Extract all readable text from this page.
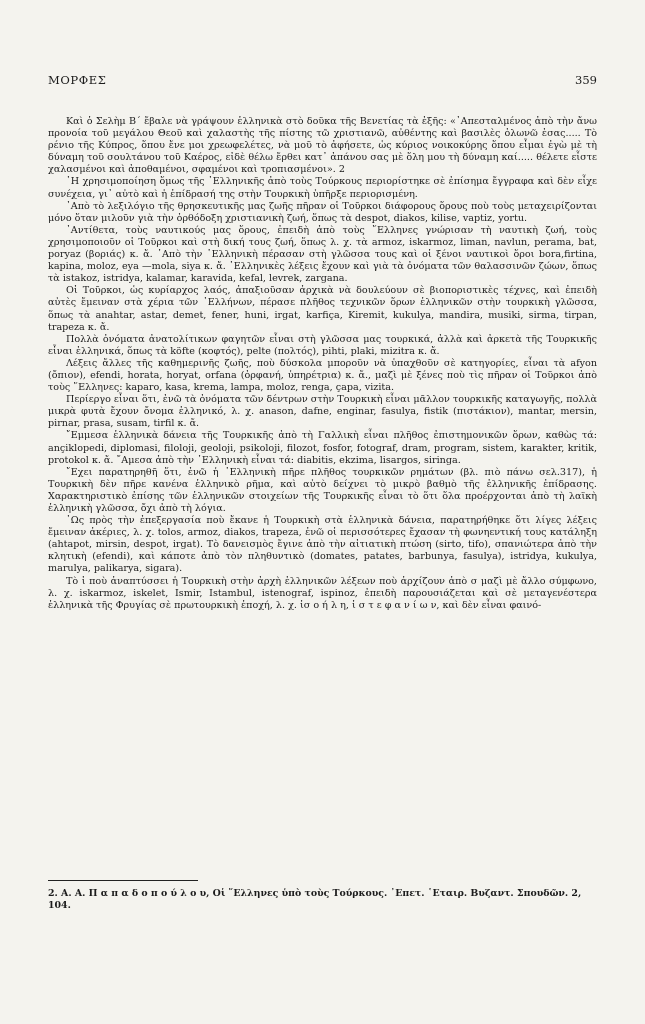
ΜΟΡΦΕΣ	359

Καὶ ὁ Σελὴμ Β´ ἔβαλε νὰ γράψουν ἑλληνικὰ στὸ δοῦκα τῆς Βενετίας τὰ ἑξῆς: «᾿Απεσταλμένος ἀπὸ τὴν ἄνω προνοία τοῦ μεγάλου Θεοῦ καὶ χαλαστὴς τῆς πίστης τῶ χριστιανῶ, αὐθέντης καὶ βασιλὲς ὁλωνῶ ἑσας..... Τὸ ρένιο τῆς Κύπρος, ὅπου ἔνε μοι χρεωφελέτες, νὰ μοῦ τὸ ἀφήσετε, ὡς κύριος νοικοκύρης ὅπου εἶμαι ἐγὼ μὲ τὴ δύναμη τοῦ σουλτάνου τοῦ Καέρος, εἰδὲ θέλω ἔρθει κατ᾿ ἀπάνου σας μὲ ὅλη μου τὴ δύναμη καί..... θέλετε εἶστε χαλασμένοι καὶ ἀποθαμένοι, σφαμένοι καὶ τροπιασμένοι». 2

῾Η χρησιμοποίηση ὅμως τῆς ῾Ελληνικῆς ἀπὸ τοὺς Τούρκους περιορίστηκε σὲ ἐπίσημα ἔγγραφα καὶ δὲν εἶχε συνέχεια, γι᾿ αὐτὸ καὶ ἡ ἐπίδρασή της στὴν Τουρκικὴ ὑπῆρξε περιορισμένη.

᾿Απὸ τὸ λεξιλόγιο τῆς θρησκευτικῆς μας ζωῆς πῆραν οἱ Τοῦρκοι διάφορους ὅρους ποὺ τοὺς μεταχειρίζονται μόνο ὅταν μιλοῦν γιὰ τὴν ὀρθόδοξη χριστιανικὴ ζωή, ὅπως τὰ despot, diakos, kilise, vaptiz, yortu.

᾿Αντίθετα, τοὺς ναυτικούς μας ὅρους, ἐπειδὴ ἀπὸ τοὺς ῞Ελληνες γνώρισαν τὴ ναυτικὴ ζωή, τοὺς χρησιμοποιοῦν οἱ Τοῦρκοι καὶ στὴ δική τους ζωή, ὅπως λ. χ. τὰ armoz, iskarmoz, liman, navlun, perama, bat, poryaz (βοριάς) κ. ἄ. ᾿Απὸ τὴν ῾Ελληνικὴ πέρασαν στὴ γλῶσσα τους καὶ οἱ ξένοι ναυτικοὶ ὅροι bora,firtina, kapina, moloz, eya —mola, siya κ. ἄ. ῾Ελληνικὲς λέξεις ἔχουν καὶ γιὰ τὰ ὀνόματα τῶν θαλασσινῶν ζώων, ὅπως τὰ istakoz, istridya, kalamar, karavida, kefal, levrek, zargana.

Οἱ Τοῦρκοι, ὡς κυρίαρχος λαός, ἀπαξιοῦσαν ἀρχικὰ νὰ δουλεύουν σὲ βιοποριστικὲς τέχνες, καὶ ἐπειδὴ αὐτὲς ἔμειναν στὰ χέρια τῶν ῾Ελλήνων, πέρασε πλῆθος τεχνικῶν ὅρων ἑλληνικῶν στὴν τουρκικὴ γλῶσσα, ὅπως τὰ anahtar, astar, demet, fener, huni, irgat, karfiça, Kiremit, kukulya, mandira, musiki, sirma, tirpan, trapeza κ. ἄ.

Πολλὰ ὀνόματα ἀνατολίτικων φαγητῶν εἶναι στὴ γλῶσσα μας τουρκικά, ἀλλὰ καὶ ἀρκετὰ τῆς Τουρκικῆς εἶναι ἑλληνικά, ὅπως τὰ köfte (κοφτός), pelte (πολτός), pihti, plaki, mizitra κ. ἄ.

Λέξεις ἄλλες τῆς καθημερινῆς ζωῆς, ποὺ δύσκολα μποροῦν νὰ ὑπαχθοῦν σὲ κατηγορίες, εἶναι τὰ afyon (ὄπιον), efendi, horata, horyat, orfana (ὀρφανή, ὑπηρέτρια) κ. ἄ., μαζὶ μὲ ξένες ποὺ τὶς πῆραν οἱ Τοῦρκοι ἀπὸ τοὺς ῞Ελληνες: kaparo, kasa, krema, lampa, moloz, renga, çapa, vizita.

Περίεργο εἶναι ὅτι, ἐνῶ τὰ ὀνόματα τῶν δέντρων στὴν Τουρκικὴ εἶναι μᾶλλον τουρκικῆς καταγωγῆς, πολλὰ μικρὰ φυτὰ ἔχουν ὄνομα ἑλληνικό, λ. χ. anason, dafne, enginar, fasulya, fistik (πιστάκιον), mantar, mersin, pirnar, prasa, susam, tirfil κ. ἄ.

῎Εμμεσα ἑλληνικὰ δάνεια τῆς Τουρκικῆς ἀπὸ τὴ Γαλλικὴ εἶναι πλῆθος ἐπιστημονικῶν ὅρων, καθὼς τά: ançiklopedi, diplomasi, filoloji, geoloji, psikoloji, filozot, fosfor, fotograf, dram, program, sistem, karakter, kritik, protokol κ. ἄ. ῎Αμεσα ἀπὸ τὴν ῾Ελληνικὴ εἶναι τά: diabitis, ekzima, lisargos, siringa.

῎Εχει παρατηρηθῆ ὅτι, ἐνῶ ἡ ῾Ελληνικὴ πῆρε πλῆθος τουρκικῶν ρημάτων (βλ. πιὸ πάνω σελ.317), ἡ Τουρκικὴ δὲν πῆρε κανένα ἑλληνικὸ ρῆμα, καὶ αὐτὸ δείχνει τὸ μικρὸ βαθμὸ τῆς ἑλληνικῆς ἐπίδρασης. Χαρακτηριστικὸ ἐπίσης τῶν ἑλληνικῶν στοιχείων τῆς Τουρκικῆς εἶναι τὸ ὅτι ὅλα προέρχονται ἀπὸ τὴ λαϊκὴ ἑλληνικὴ γλῶσσα, ὄχι ἀπὸ τὴ λόγια.

῾Ως πρὸς τὴν ἐπεξεργασία ποὺ ἔκανε ἡ Τουρκικὴ στὰ ἑλληνικὰ δάνεια, παρατηρήθηκε ὅτι λίγες λέξεις ἔμειναν ἀκέριες, λ. χ. tolos, armoz, diakos, trapeza, ἐνῶ οἱ περισσότερες ἔχασαν τὴ φωνηεντική τους κατάληξη (ahtapot, mirsin, despot, irgat). Τὸ δανεισμὸς ἔγινε ἀπὸ τὴν αἰτιατικὴ πτώση (sirto, tifo), σπανιώτερα ἀπὸ τὴν κλητικὴ (efendi), καὶ κάποτε ἀπὸ τὸν πληθυντικὸ (domates, patates, barbunya, fasulya), istridya, kukulya, marulya, palikarya, sigara).

Τὸ ἱ ποὺ ἀναπτύσσει ἡ Τουρκικὴ στὴν ἀρχὴ ἑλληνικῶν λέξεων ποὺ ἀρχίζουν ἀπὸ σ μαζὶ μὲ ἄλλο σύμφωνο, λ. χ. iskarmoz, iskelet, Ismir, Istambul, istenograf, ispinoz, ἐπειδὴ παρουσιάζεται καὶ σὲ μεταγενέστερα ἑλληνικὰ τῆς Φρυγίας σὲ πρωτουρκικὴ ἐποχή, λ. χ. ἰσ ο ή λ η, ἰ σ τ ε φ α ν ί ω ν, καὶ δὲν εἶναι φαινό-

2. Α. Α. Π α π α δ ο π ο ύ λ ο υ, Οἱ ῞Ελληνες ὑπὸ τοὺς Τούρκους. ᾿Επετ. ῾Εταιρ. Βυζαντ. Σπουδῶν. 2, 104.
